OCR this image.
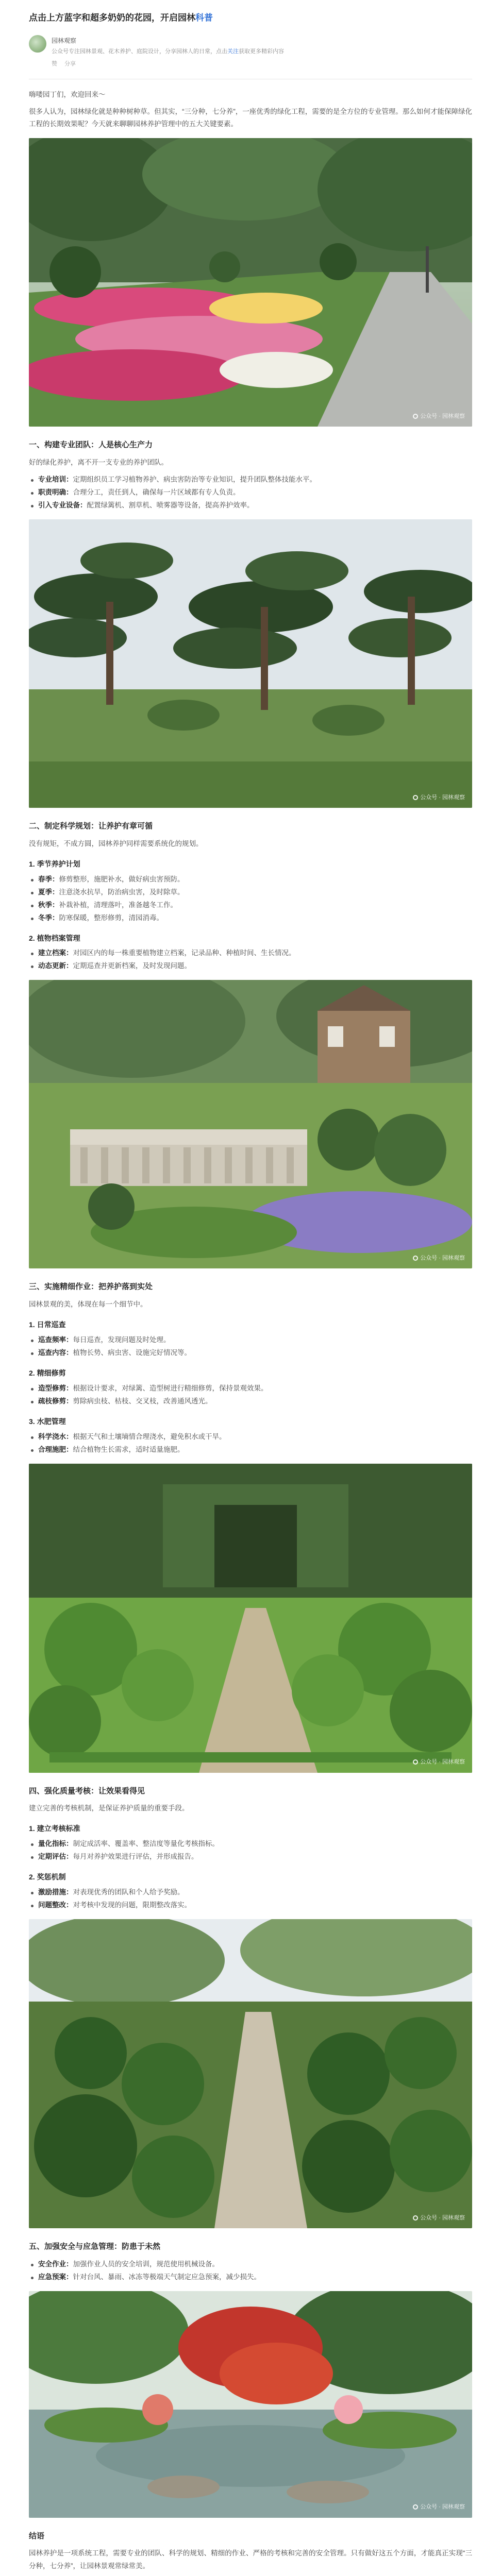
点击上方蓝字和超多奶奶的花园，开启园林科普
园林观察
公众号专注园林景观、花木养护、庭院设计，分享园林人的日常，点击关注获取更多精彩内容
赞 分享

嗨喽园丁们，欢迎回来～

很多人认为，园林绿化就是种种树种草。但其实，“三分种，七分养”，一座优秀的绿化工程，需要的是全方位的专业管理。那么如何才能保障绿化工程的长期效果呢？今天就来聊聊园林养护管理中的五大关键要素。

公众号 · 园林观察
一、构建专业团队：人是核心生产力

好的绿化养护，离不开一支专业的养护团队。

专业培训：定期组织员工学习植物养护、病虫害防治等专业知识，提升团队整体技能水平。
职责明确：合理分工，责任到人，确保每一片区域都有专人负责。
引入专业设备：配置绿篱机、割草机、喷雾器等设备，提高养护效率。
公众号 · 园林观察
二、制定科学规划：让养护有章可循

没有规矩，不成方圆，园林养护同样需要系统化的规划。

1. 季节养护计划
春季：修剪整形，施肥补水，做好病虫害预防。
夏季：注意浇水抗旱，防治病虫害，及时除草。
秋季：补栽补植，清理落叶，准备越冬工作。
冬季：防寒保暖，整形修剪，清园消毒。
2. 植物档案管理
建立档案：对园区内的每一株重要植物建立档案，记录品种、种植时间、生长情况。
动态更新：定期巡查并更新档案，及时发现问题。
公众号 · 园林观察
三、实施精细作业：把养护落到实处

园林景观的美，体现在每一个细节中。

1. 日常巡查
巡查频率：每日巡查，发现问题及时处理。
巡查内容：植物长势、病虫害、设施完好情况等。
2. 精细修剪
造型修剪：根据设计要求，对绿篱、造型树进行精细修剪，保持景观效果。
疏枝修剪：剪除病虫枝、枯枝、交叉枝，改善通风透光。
3. 水肥管理
科学浇水：根据天气和土壤墒情合理浇水，避免积水或干旱。
合理施肥：结合植物生长需求，适时适量施肥。
公众号 · 园林观察
四、强化质量考核：让效果看得见

建立完善的考核机制，是保证养护质量的重要手段。

1. 建立考核标准
量化指标：制定成活率、覆盖率、整洁度等量化考核指标。
定期评估：每月对养护效果进行评估，并形成报告。
2. 奖惩机制
激励措施：对表现优秀的团队和个人给予奖励。
问题整改：对考核中发现的问题，限期整改落实。
公众号 · 园林观察
五、加强安全与应急管理：防患于未然
安全作业：加强作业人员的安全培训，规范使用机械设备。
应急预案：针对台风、暴雨、冰冻等极端天气制定应急预案，减少损失。
公众号 · 园林观察
结语

园林养护是一项系统工程，需要专业的团队、科学的规划、精细的作业、严格的考核和完善的安全管理。只有做好这五个方面，才能真正实现“三分种，七分养”，让园林景观常绿常美。
